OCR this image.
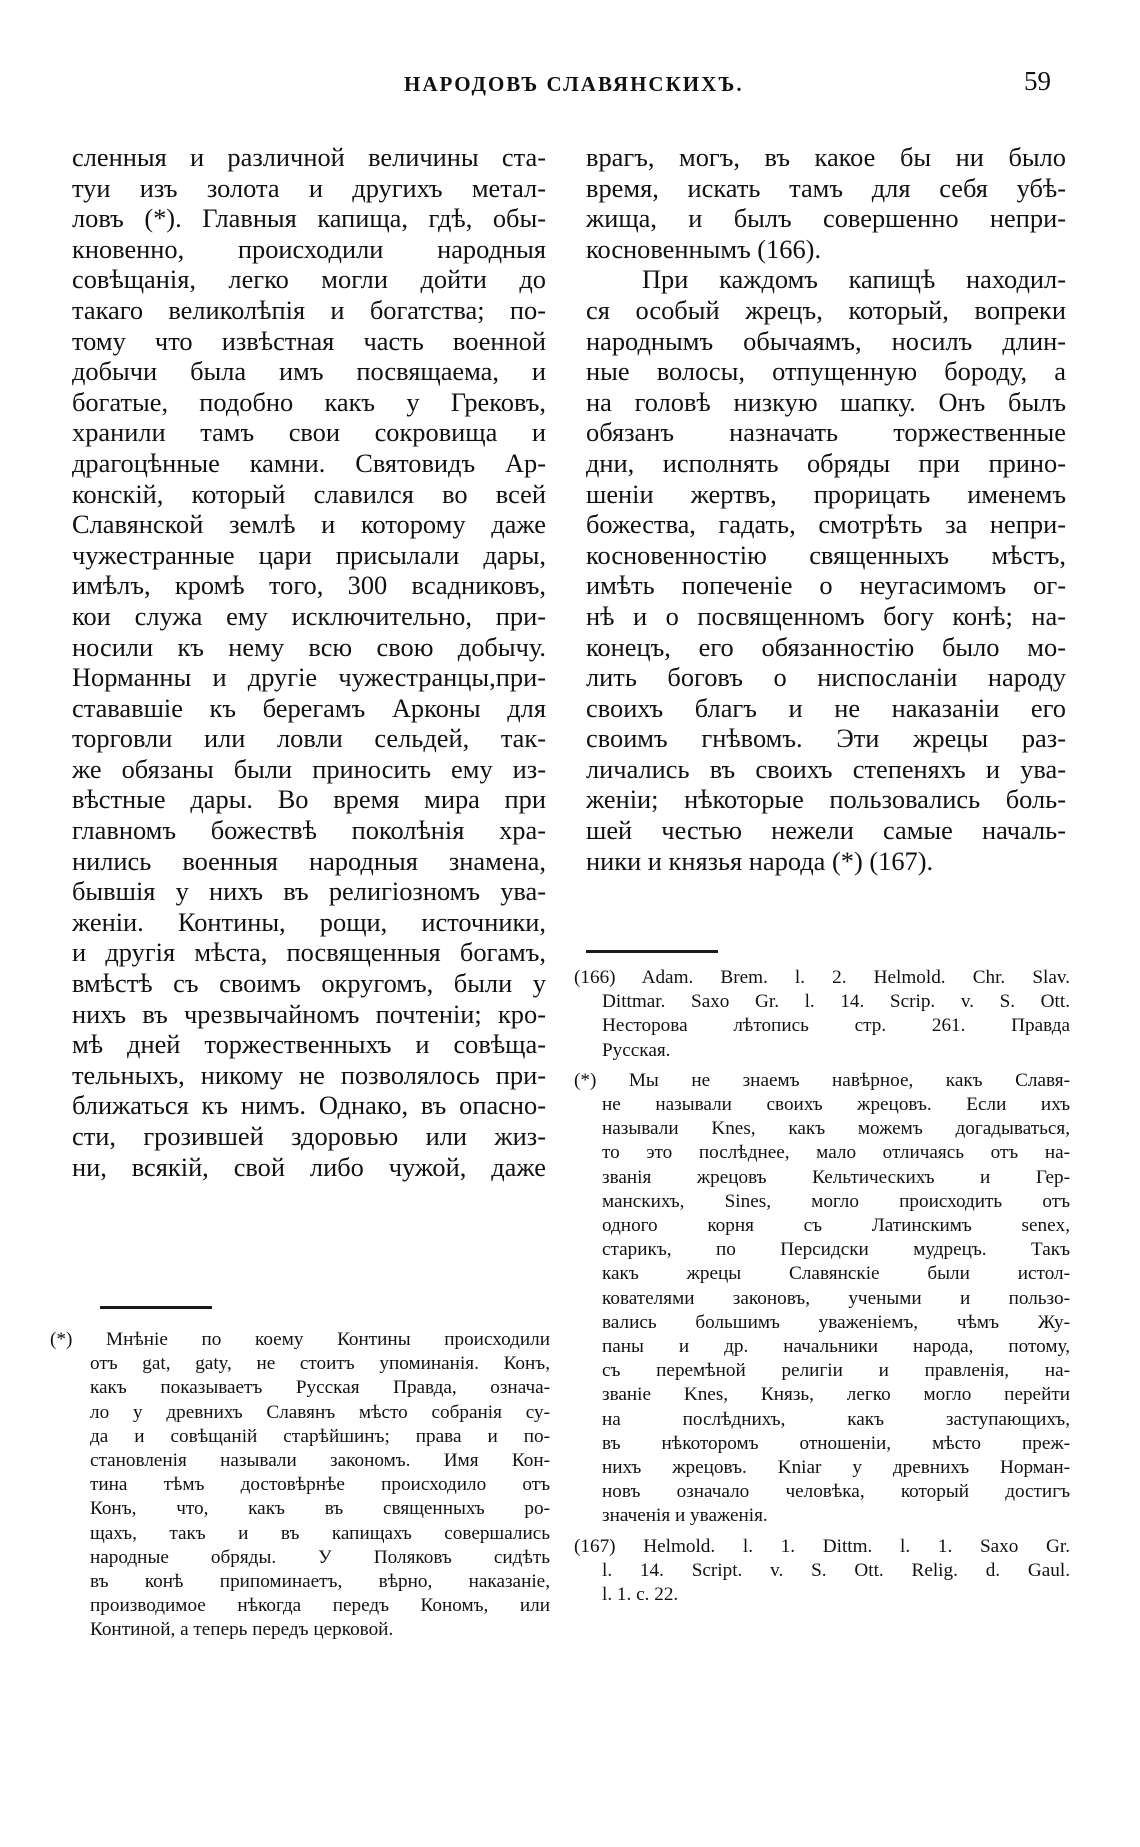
НАРОДОВЪ СЛАВЯНСКИХЪ.	59
сленныя и различной величины ста-
туи изъ золота и другихъ метал-
ловъ (*). Главныя капища, гдѣ, обы-
кновенно, происходили народныя
совѣщанія, легко могли дойти до
такаго великолѣпія и богатства; по-
тому что извѣстная часть военной
добычи была имъ посвящаема, и
богатые, подобно какъ у Грековъ,
хранили тамъ свои сокровища и
драгоцѣнные камни. Святовидъ Ар-
конскій, который славился во всей
Славянской землѣ и которому даже
чужестранные цари присылали дары,
имѣлъ, кромѣ того, 300 всадниковъ,
кои служа ему исключительно, при-
носили къ нему всю свою добычу.
Норманны и другіе чужестранцы,при-
стававшіе къ берегамъ Арконы для
торговли или ловли сельдей, так-
же обязаны были приносить ему из-
вѣстные дары. Во время мира при
главномъ божествѣ поколѣнія хра-
нились военныя народныя знамена,
бывшія у нихъ въ религіозномъ ува-
женіи. Контины, рощи, источники,
и другія мѣста, посвященныя богамъ,
вмѣстѣ съ своимъ округомъ, были у
нихъ въ чрезвычайномъ почтеніи; кро-
мѣ дней торжественныхъ и совѣща-
тельныхъ, никому не позволялось при-
ближаться къ нимъ. Однако, въ опасно-
сти, грозившей здоровью или жиз-
ни, всякій, свой либо чужой, даже
врагъ, могъ, въ какое бы ни было
время, искать тамъ для себя убѣ-
жища, и былъ совершенно непри-
косновеннымъ (166).
При каждомъ капищѣ находил-
ся особый жрецъ, который, вопреки
народнымъ обычаямъ, носилъ длин-
ные волосы, отпущенную бороду, а
на головѣ низкую шапку. Онъ былъ
обязанъ назначать торжественные
дни, исполнять обряды при прино-
шеніи жертвъ, прорицать именемъ
божества, гадать, смотрѣть за непри-
косновенностію священныхъ мѣстъ,
имѣть попеченіе о неугасимомъ ог-
нѣ и о посвященномъ богу конѣ; на-
конецъ, его обязанностію было мо-
лить боговъ о ниспосланіи народу
своихъ благъ и не наказаніи его
своимъ гнѣвомъ. Эти жрецы раз-
личались въ своихъ степеняхъ и ува-
женіи; нѣкоторые пользовались боль-
шей честью нежели самые началь-
ники и князья народа (*) (167).
(*) Мнѣніе по коему Контины происходили
отъ gat, gaty, не стоитъ упоминанія. Конъ,
какъ показываетъ Русская Правда, означа-
ло у древнихъ Славянъ мѣсто собранія су-
да и совѣщаній старѣйшинъ; права и по-
становленія называли закономъ. Имя Кон-
тина тѣмъ достовѣрнѣе происходило отъ
Конъ, что, какъ въ священныхъ ро-
щахъ, такъ и въ капищахъ совершались
народные обряды. У Поляковъ сидѣть
въ конѣ припоминаетъ, вѣрно, наказаніе,
производимое нѣкогда передъ Кономъ, или
Континой, а теперь передъ церковой.
(166) Adam. Brem. l. 2. Helmold. Chr. Slav.
Dittmar. Saxo Gr. l. 14. Scrip. v. S. Ott.
Несторова лѣтопись стр. 261. Правда
Русская.
(*) Мы не знаемъ навѣрное, какъ Славя-
не называли своихъ жрецовъ. Если ихъ
называли Knes, какъ можемъ догадываться,
то это послѣднее, мало отличаясь отъ на-
званія жрецовъ Кельтическихъ и Гер-
манскихъ, Sines, могло происходить отъ
одного корня съ Латинскимъ senex,
старикъ, по Персидски мудрецъ. Такъ
какъ жрецы Славянскіе были истол-
кователями законовъ, учеными и пользо-
вались большимъ уваженіемъ, чѣмъ Жу-
паны и др. начальники народа, потому,
съ перемѣной религіи и правленія, на-
званіе Knes, Князь, легко могло перейти
на послѣднихъ, какъ заступающихъ,
въ нѣкоторомъ отношеніи, мѣсто преж-
нихъ жрецовъ. Kniar у древнихъ Норман-
новъ означало человѣка, который достигъ
значенія и уваженія.
(167) Helmold. l. 1. Dittm. l. 1. Saxo Gr.
l. 14. Script. v. S. Ott. Relig. d. Gaul.
l. 1. c. 22.
